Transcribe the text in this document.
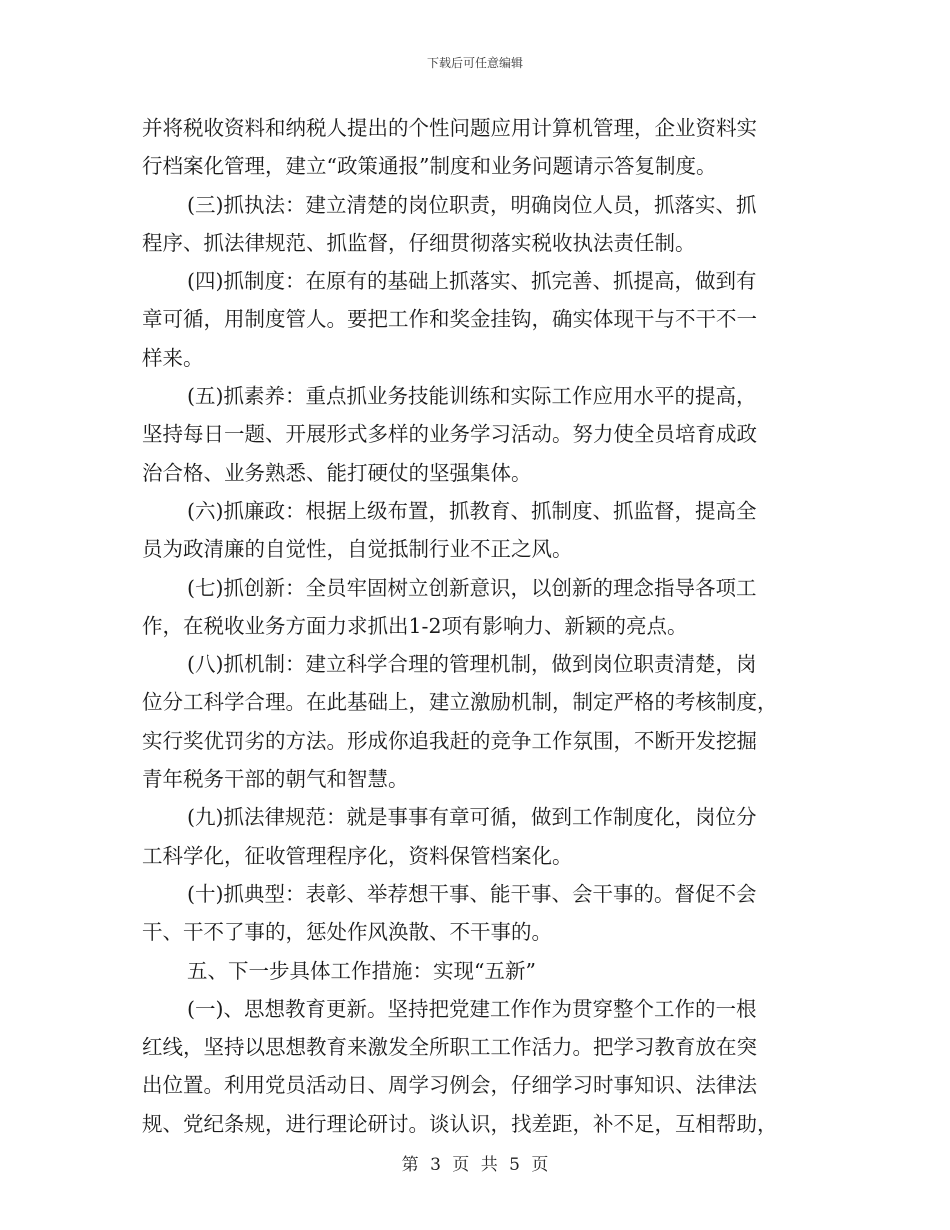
下载后可任意编辑
并将税收资料和纳税人提出的个性问题应用计算机管理，企业资料实
行档案化管理，建立“政策通报”制度和业务问题请示答复制度。
(三)抓执法：建立清楚的岗位职责，明确岗位人员，抓落实、抓
程序、抓法律规范、抓监督，仔细贯彻落实税收执法责任制。
(四)抓制度：在原有的基础上抓落实、抓完善、抓提高，做到有
章可循，用制度管人。要把工作和奖金挂钩，确实体现干与不干不一
样来。
(五)抓素养：重点抓业务技能训练和实际工作应用水平的提高，
坚持每日一题、开展形式多样的业务学习活动。努力使全员培育成政
治合格、业务熟悉、能打硬仗的坚强集体。
(六)抓廉政：根据上级布置，抓教育、抓制度、抓监督，提高全
员为政清廉的自觉性，自觉抵制行业不正之风。
(七)抓创新：全员牢固树立创新意识，以创新的理念指导各项工
作，在税收业务方面力求抓出1-2项有影响力、新颖的亮点。
(八)抓机制：建立科学合理的管理机制，做到岗位职责清楚，岗
位分工科学合理。在此基础上，建立激励机制，制定严格的考核制度，
实行奖优罚劣的方法。形成你追我赶的竞争工作氛围，不断开发挖掘
青年税务干部的朝气和智慧。
(九)抓法律规范：就是事事有章可循，做到工作制度化，岗位分
工科学化，征收管理程序化，资料保管档案化。
(十)抓典型：表彰、举荐想干事、能干事、会干事的。督促不会
干、干不了事的，惩处作风涣散、不干事的。
五、下一步具体工作措施：实现“五新”
(一)、思想教育更新。坚持把党建工作作为贯穿整个工作的一根
红线，坚持以思想教育来激发全所职工工作活力。把学习教育放在突
出位置。利用党员活动日、周学习例会，仔细学习时事知识、法律法
规、党纪条规，进行理论研讨。谈认识，找差距，补不足，互相帮助，
第 3 页 共 5 页
